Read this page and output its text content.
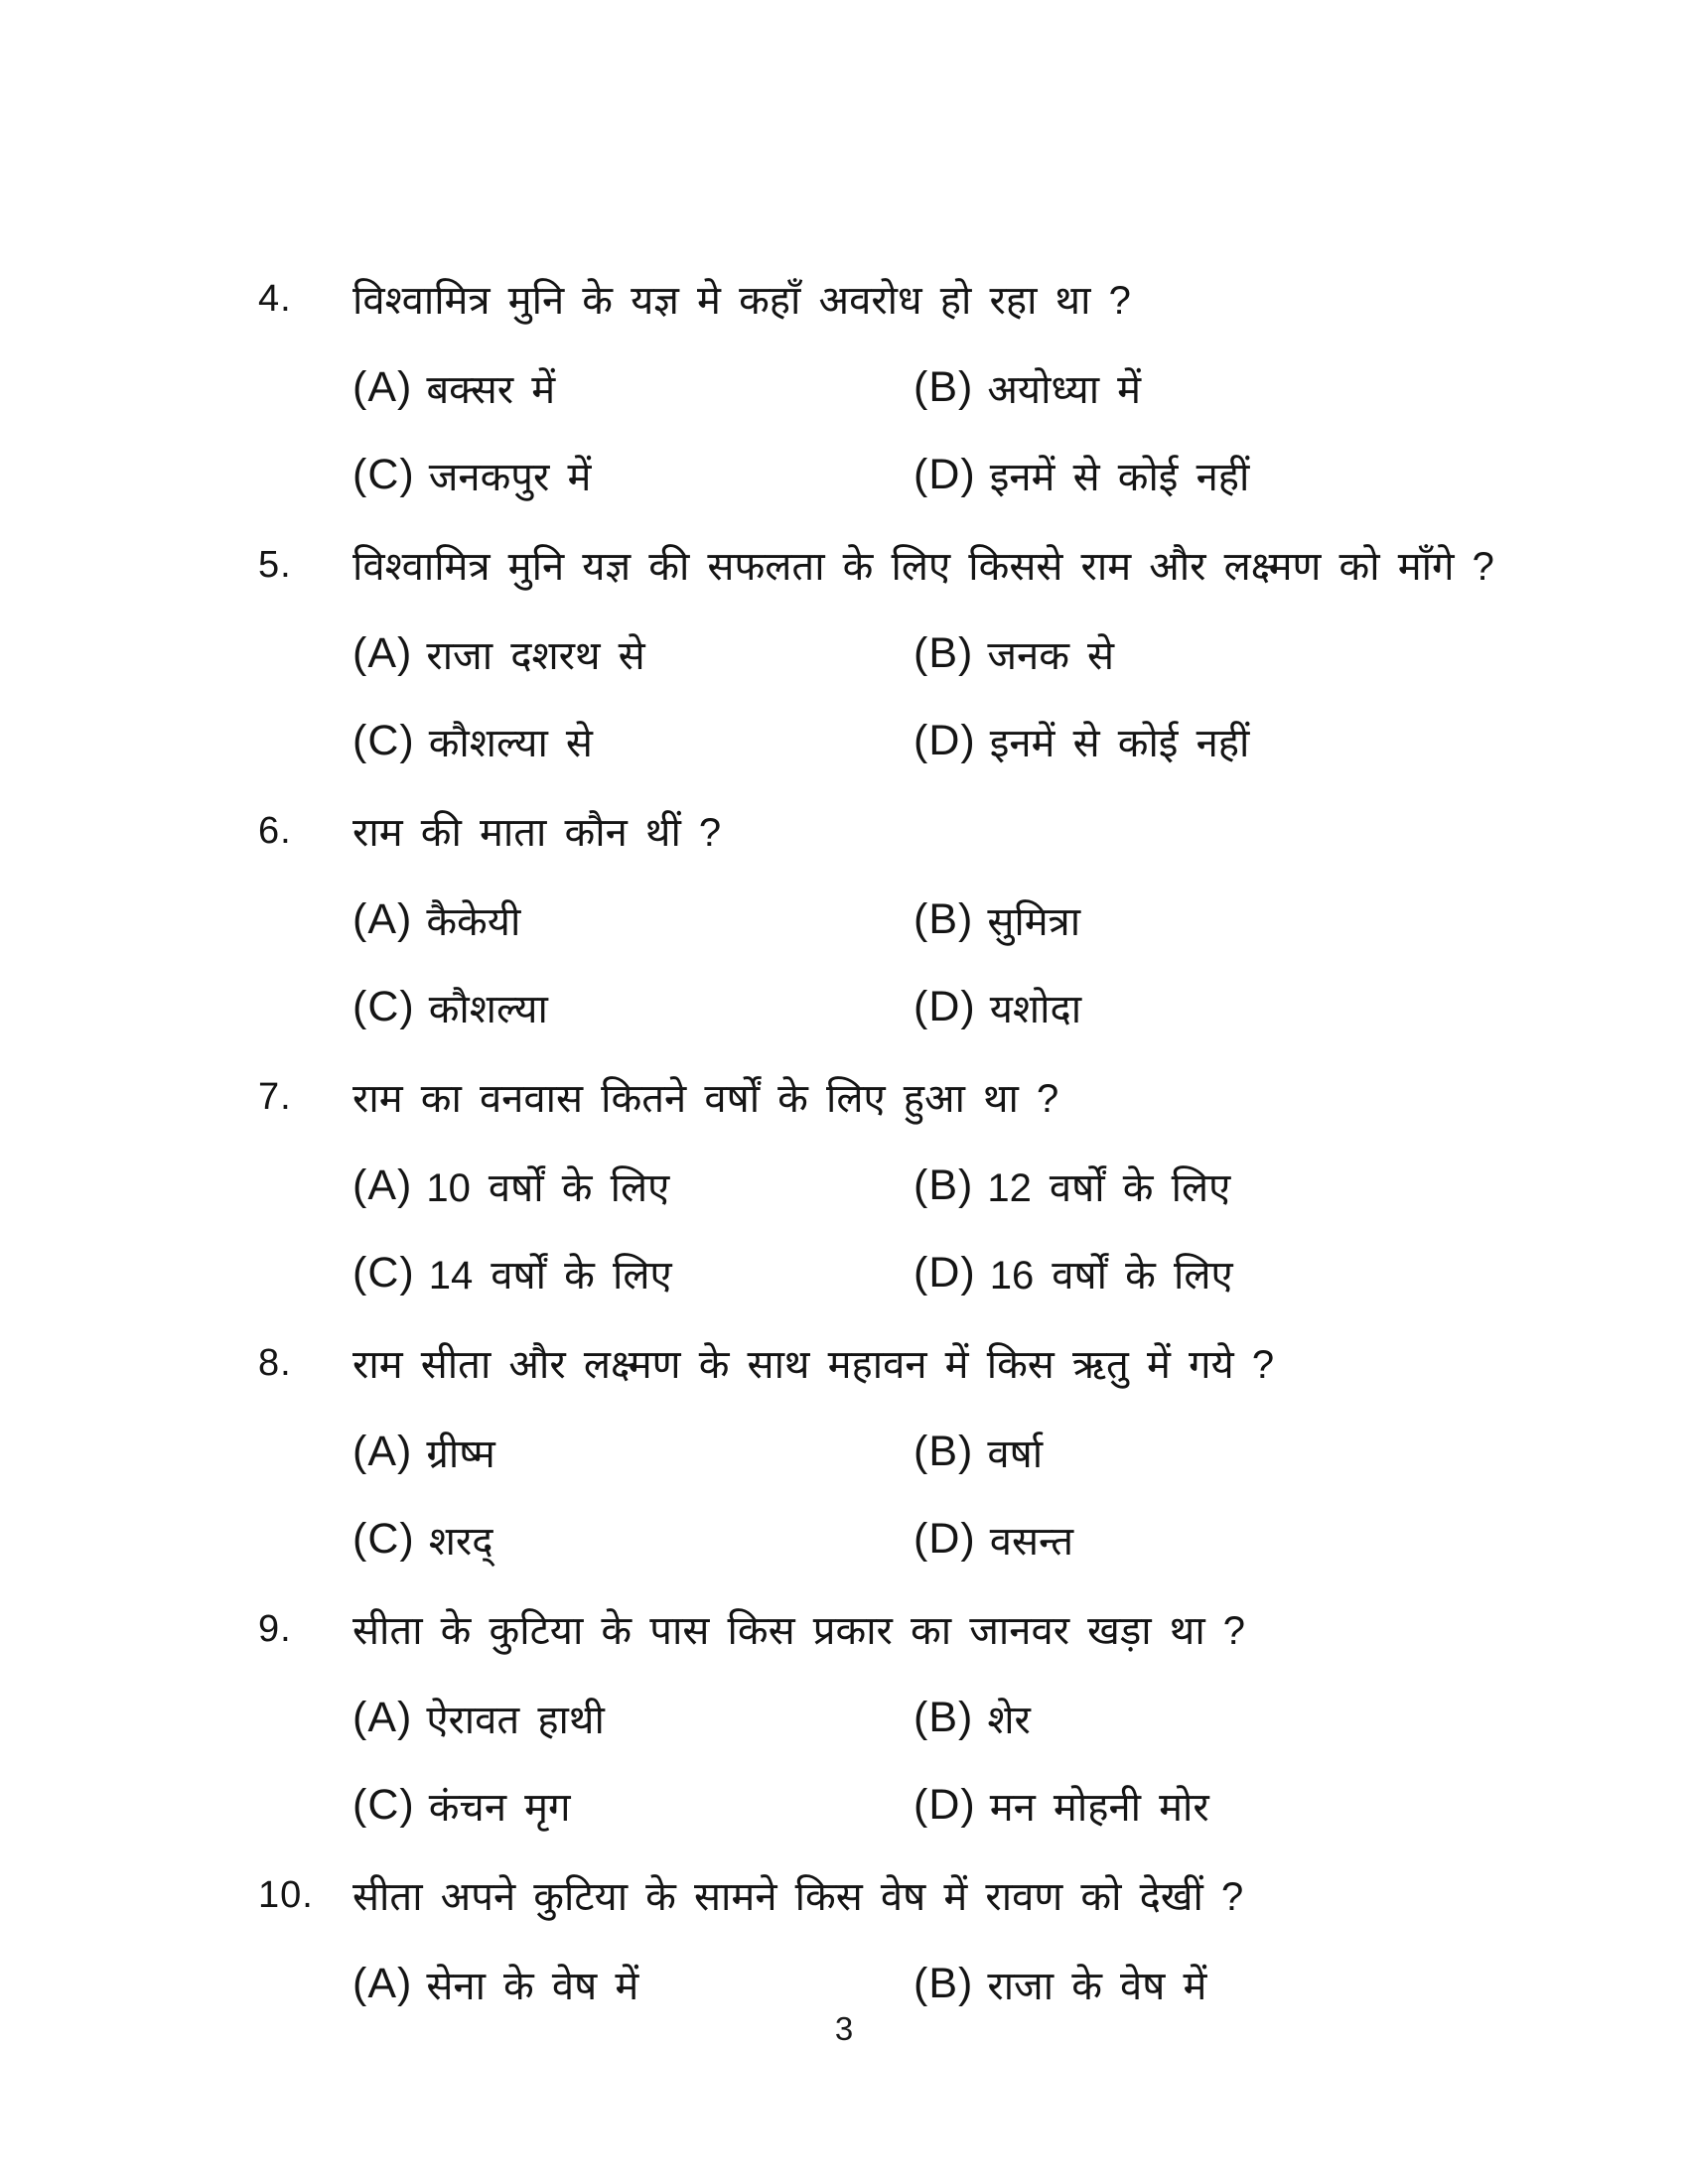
4.	विश्वामित्र मुनि के यज्ञ मे कहाँ अवरोध हो रहा था ?
(A) बक्सर में	(B) अयोध्या में
(C) जनकपुर में	(D) इनमें से कोई नहीं
5.	विश्वामित्र मुनि यज्ञ की सफलता के लिए किससे राम और लक्ष्मण को माँगे ?
(A) राजा दशरथ से	(B) जनक से
(C) कौशल्या से	(D) इनमें से कोई नहीं
6.	राम की माता कौन थीं ?
(A) कैकेयी	(B) सुमित्रा
(C) कौशल्या	(D) यशोदा
7.	राम का वनवास कितने वर्षों के लिए हुआ था ?
(A) 10 वर्षों के लिए	(B) 12 वर्षों के लिए
(C) 14 वर्षों के लिए	(D) 16 वर्षों के लिए
8.	राम सीता और लक्ष्मण के साथ महावन में किस ऋतु में गये ?
(A) ग्रीष्म	(B) वर्षा
(C) शरद्	(D) वसन्त
9.	सीता के कुटिया के पास किस प्रकार का जानवर खड़ा था ?
(A) ऐरावत हाथी	(B) शेर
(C) कंचन मृग	(D) मन मोहनी मोर
10. सीता अपने कुटिया के सामने किस वेष में रावण को देखीं ?
(A) सेना के वेष में	(B) राजा के वेष में
3
